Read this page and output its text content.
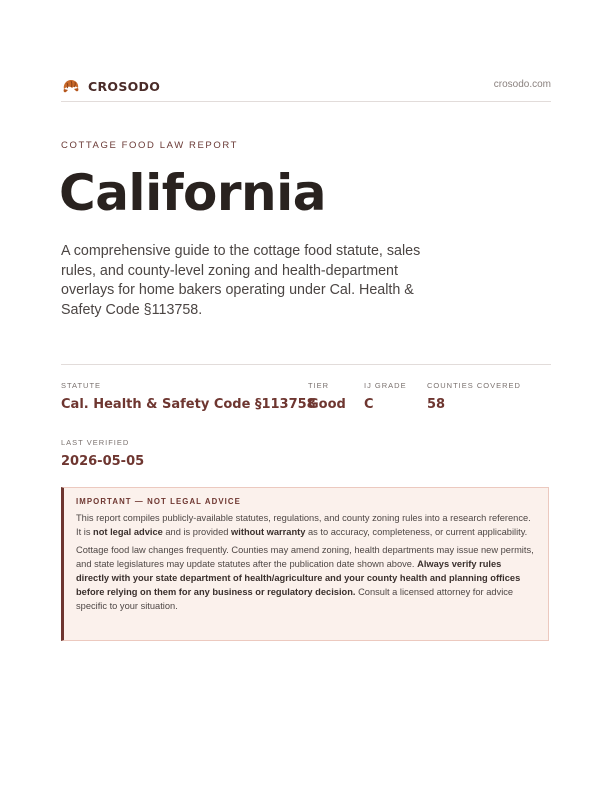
CROSODO	crosodo.com
COTTAGE FOOD LAW REPORT
California
A comprehensive guide to the cottage food statute, sales rules, and county-level zoning and health-department overlays for home bakers operating under Cal. Health & Safety Code §113758.
STATUTE
Cal. Health & Safety Code §113758
TIER
Good
IJ GRADE
C
COUNTIES COVERED
58
LAST VERIFIED
2026-05-05
IMPORTANT — NOT LEGAL ADVICE

This report compiles publicly-available statutes, regulations, and county zoning rules into a research reference. It is not legal advice and is provided without warranty as to accuracy, completeness, or current applicability.

Cottage food law changes frequently. Counties may amend zoning, health departments may issue new permits, and state legislatures may update statutes after the publication date shown above. Always verify rules directly with your state department of health/agriculture and your county health and planning offices before relying on them for any business or regulatory decision. Consult a licensed attorney for advice specific to your situation.
